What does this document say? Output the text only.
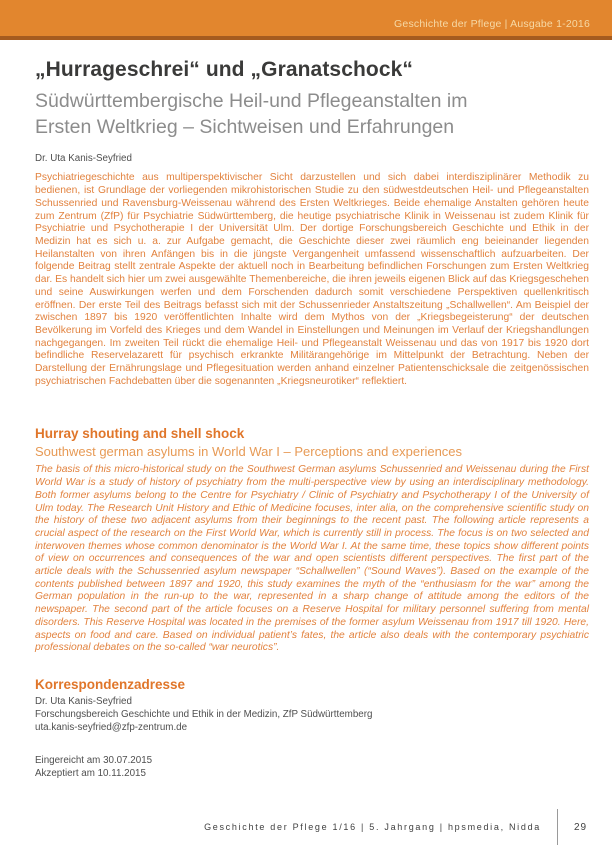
Geschichte der Pflege | Ausgabe 1-2016
„Hurrageschrei“ und „Granatschock“
Südwürttembergische Heil-und Pflegeanstalten im Ersten Weltkrieg – Sichtweisen und Erfahrungen
Dr. Uta Kanis-Seyfried

Psychiatriegeschichte aus multiperspektivischer Sicht darzustellen und sich dabei interdisziplinärer Methodik zu bedienen, ist Grundlage der vorliegenden mikrohistorischen Studie zu den südwestdeutschen Heil- und Pflegeanstalten Schussenried und Ravensburg-Weissenau während des Ersten Weltkrieges. Beide ehemalige Anstalten gehören heute zum Zentrum (ZfP) für Psychiatrie Südwürttemberg, die heutige psychiatrische Klinik in Weissenau ist zudem Klinik für Psychiatrie und Psychotherapie I der Universität Ulm. Der dortige Forschungsbereich Geschichte und Ethik in der Medizin hat es sich u. a. zur Aufgabe gemacht, die Geschichte dieser zwei räumlich eng beieinander liegenden Heilanstalten von ihren Anfängen bis in die jüngste Vergangenheit umfassend wissenschaftlich aufzuarbeiten. Der folgende Beitrag stellt zentrale Aspekte der aktuell noch in Bearbeitung befindlichen Forschungen zum Ersten Weltkrieg dar. Es handelt sich hier um zwei ausgewählte Themenbereiche, die ihren jeweils eigenen Blick auf das Kriegsgeschehen und seine Auswirkungen werfen und dem Forschenden dadurch somit verschiedene Perspektiven quellenkritisch eröffnen. Der erste Teil des Beitrags befasst sich mit der Schussenrieder Anstaltszeitung „Schallwellen“. Am Beispiel der zwischen 1897 bis 1920 veröffentlichten Inhalte wird dem Mythos von der „Kriegsbegeisterung“ der deutschen Bevölkerung im Vorfeld des Krieges und dem Wandel in Einstellungen und Meinungen im Verlauf der Kriegshandlungen nachgegangen. Im zweiten Teil rückt die ehemalige Heil- und Pflegeanstalt Weissenau und das von 1917 bis 1920 dort befindliche Reservelazarett für psychisch erkrankte Militärangehörige im Mittelpunkt der Betrachtung. Neben der Darstellung der Ernährungslage und Pflegesituation werden anhand einzelner Patientenschicksale die zeitgenössischen psychiatrischen Fachdebatten über die sogenannten „Kriegsneurotiker“ reflektiert.

Hurray shouting and shell shock
Southwest german asylums in World War I – Perceptions and experiences

The basis of this micro-historical study on the Southwest German asylums Schussenried and Weissenau during the First World War is a study of history of psychiatry from the multi-perspective view by using an interdisciplinary methodology. Both former asylums belong to the Centre for Psychiatry / Clinic of Psychiatry and Psychotherapy I of the University of Ulm today. The Research Unit History and Ethic of Medicine focuses, inter alia, on the comprehensive scientific study on the history of these two adjacent asylums from their beginnings to the recent past. The following article represents a crucial aspect of the research on the First World War, which is currently still in process. The focus is on two selected and interwoven themes whose common denominator is the World War I. At the same time, these topics show different points of view on occurrences and consequences of the war and open scientists different perspectives. The first part of the article deals with the Schussenried asylum newspaper “Schallwellen” (“Sound Waves”). Based on the example of the contents published between 1897 and 1920, this study examines the myth of the “enthusiasm for the war” among the German population in the run-up to the war, represented in a sharp change of attitude among the editors of the newspaper. The second part of the article focuses on a Reserve Hospital for military personnel suffering from mental disorders. This Reserve Hospital was located in the premises of the former asylum Weissenau from 1917 till 1920. Here, aspects on food and care. Based on individual patient’s fates, the article also deals with the contemporary psychiatric professional debates on the so-called “war neurotics”.

Korrespondenzadresse
Dr. Uta Kanis-Seyfried
Forschungsbereich Geschichte und Ethik in der Medizin, ZfP Südwürttemberg
uta.kanis-seyfried@zfp-zentrum.de
Eingereicht am 30.07.2015
Akzeptiert am 10.11.2015
Geschichte der Pflege 1/16 | 5. Jahrgang | hpsmedia, Nidda	29
